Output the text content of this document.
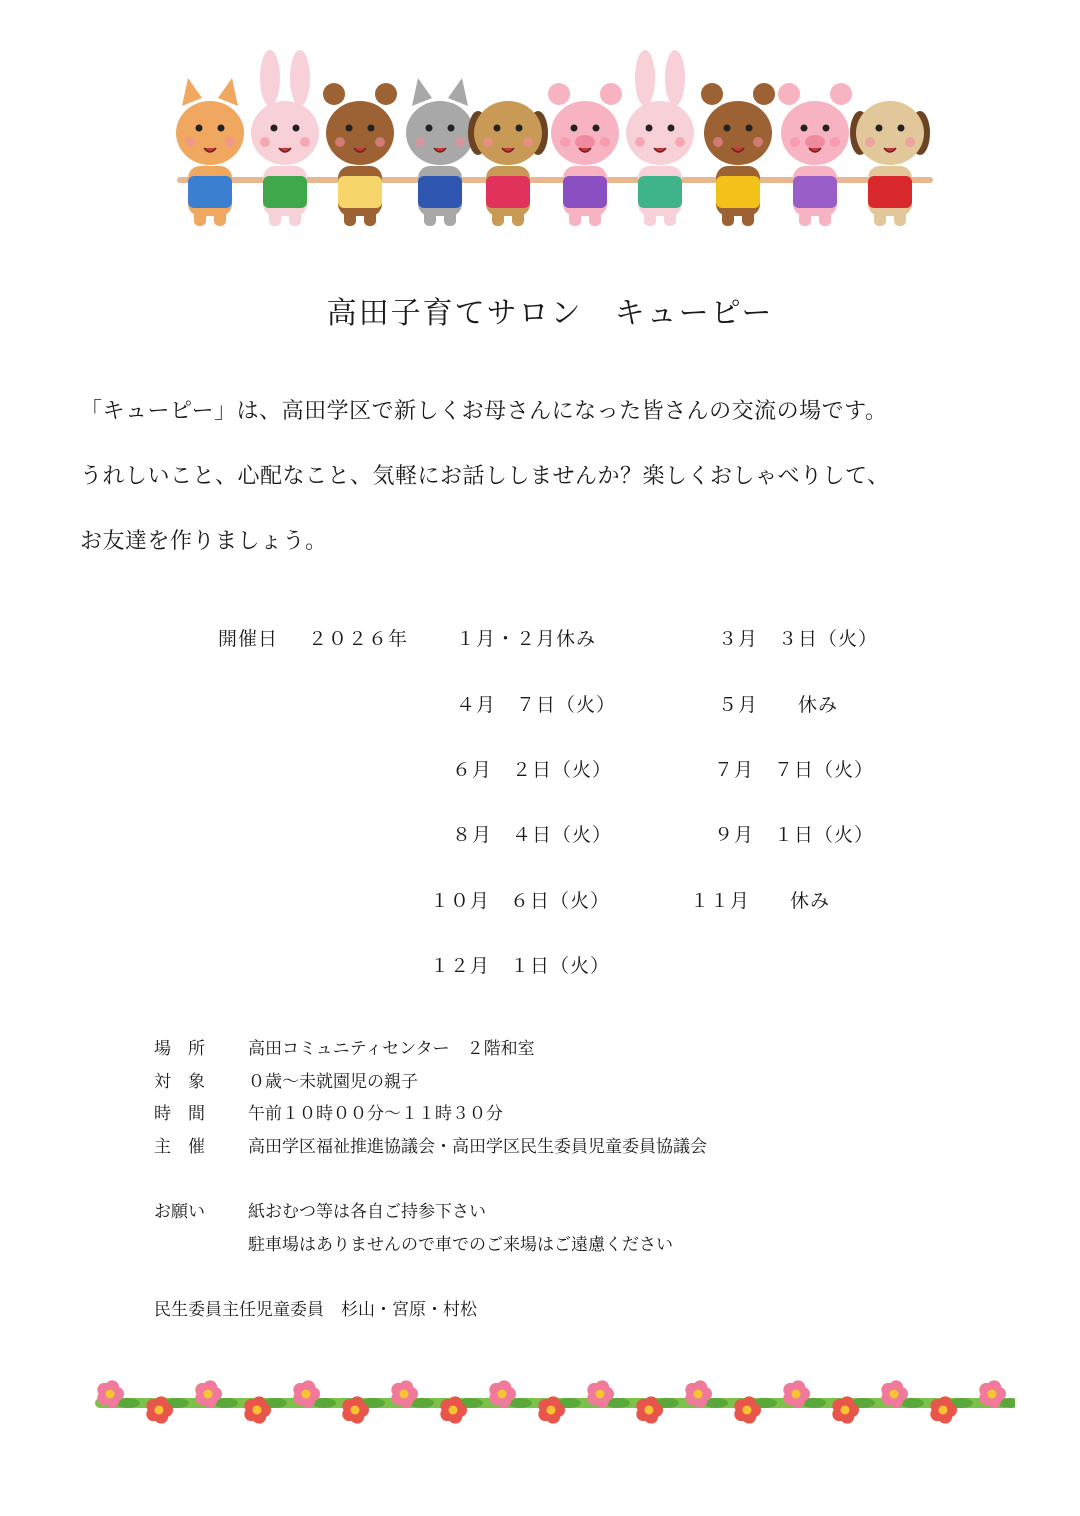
高田子育てサロン　キューピー
「キューピー」は、高田学区で新しくお母さんになった皆さんの交流の場です。
うれしいこと、心配なこと、気軽にお話ししませんか？楽しくおしゃべりして、
お友達を作りましょう。
開催日 ２０２６年	１月・２月休み	３月　３日（火）
４月　７日（火）	５月　　休み
６月　２日（火）	７月　７日（火）
８月　４日（火）	９月　１日（火）
１０月　６日（火）	１１月　　休み
１２月　１日（火）
場　所	高田コミュニティセンター　２階和室
対　象	０歳～未就園児の親子
時　間	午前１０時００分～１１時３０分
主　催	高田学区福祉推進協議会・高田学区民生委員児童委員協議会
お願い	紙おむつ等は各自ご持参下さい
駐車場はありませんので車でのご来場はご遠慮ください
民生委員主任児童委員　杉山・宮原・村松
